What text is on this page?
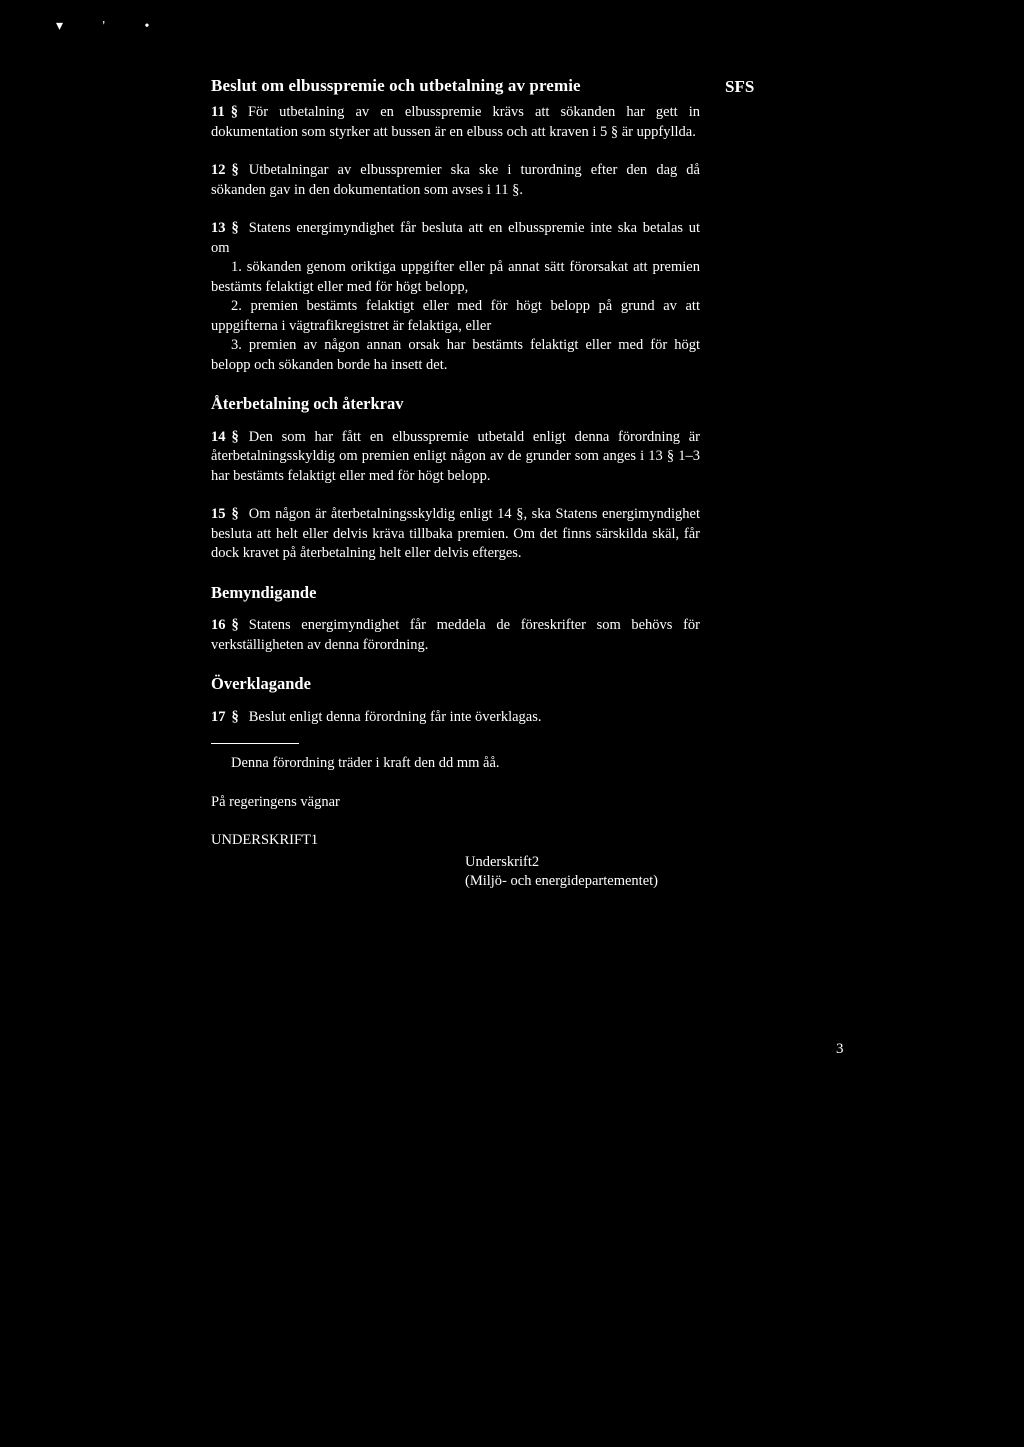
▾ ' •
Beslut om elbusspremie och utbetalning av premie	SFS

11 § För utbetalning av en elbusspremie krävs att sökanden har gett in dokumentation som styrker att bussen är en elbuss och att kraven i 5 § är uppfyllda.

12 § Utbetalningar av elbusspremier ska ske i turordning efter den dag då sökanden gav in den dokumentation som avses i 11 §.

13 § Statens energimyndighet får besluta att en elbusspremie inte ska betalas ut om

1. sökanden genom oriktiga uppgifter eller på annat sätt förorsakat att premien bestämts felaktigt eller med för högt belopp,

2. premien bestämts felaktigt eller med för högt belopp på grund av att uppgifterna i vägtrafikregistret är felaktiga, eller

3. premien av någon annan orsak har bestämts felaktigt eller med för högt belopp och sökanden borde ha insett det.

Återbetalning och återkrav

14 § Den som har fått en elbusspremie utbetald enligt denna förordning är återbetalningsskyldig om premien enligt någon av de grunder som anges i 13 § 1–3 har bestämts felaktigt eller med för högt belopp.

15 § Om någon är återbetalningsskyldig enligt 14 §, ska Statens energimyndighet besluta att helt eller delvis kräva tillbaka premien. Om det finns särskilda skäl, får dock kravet på återbetalning helt eller delvis efterges.

Bemyndigande

16 § Statens energimyndighet får meddela de föreskrifter som behövs för verkställigheten av denna förordning.

Överklagande

17 § Beslut enligt denna förordning får inte överklagas.

Denna förordning träder i kraft den dd mm åå.

På regeringens vägnar

UNDERSKRIFT1

Underskrift2

(Miljö- och energidepartementet)

3
